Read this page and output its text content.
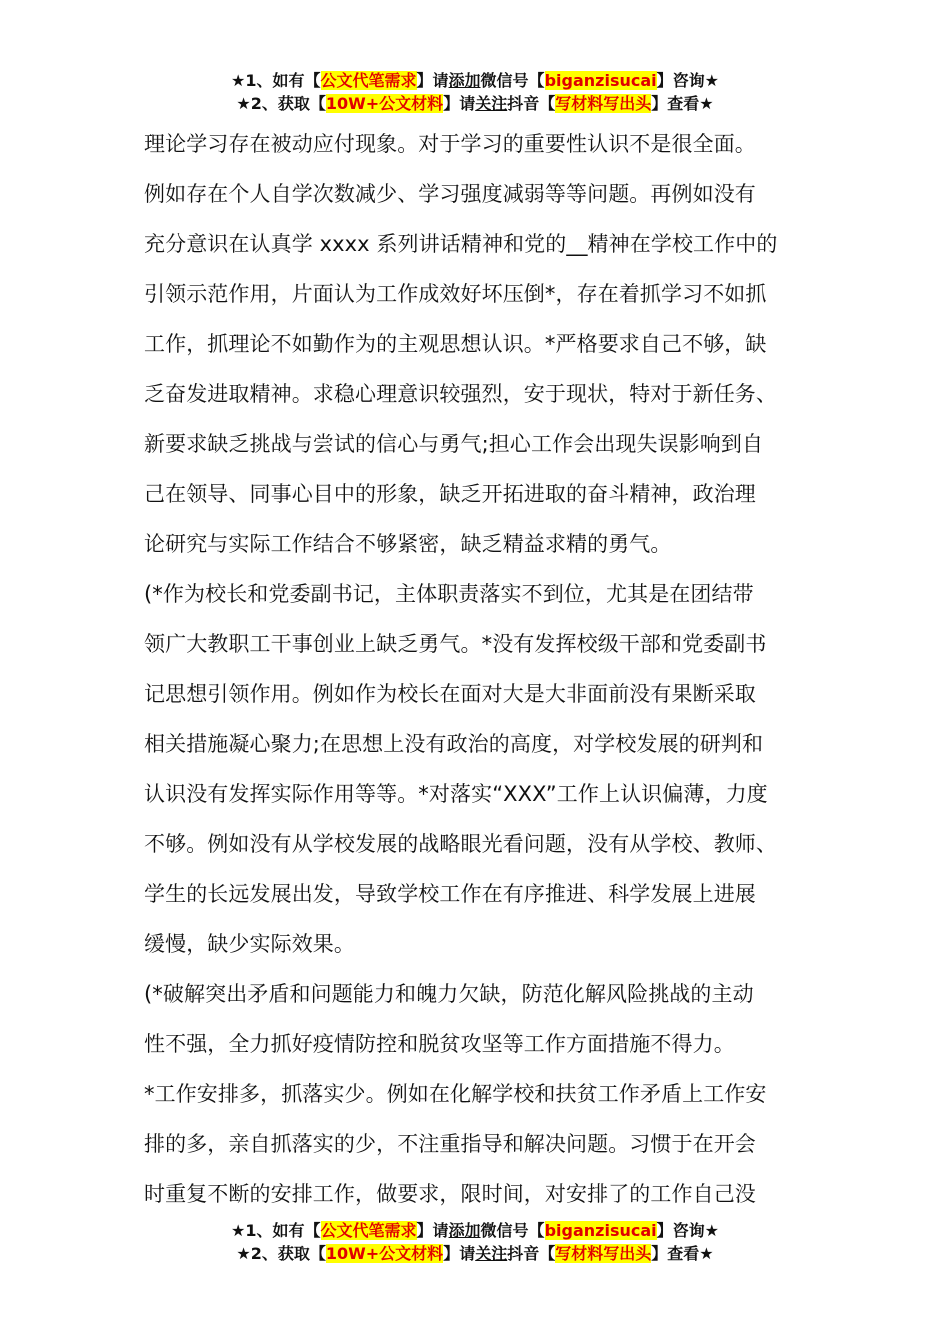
★1、如有【公文代笔需求】请添加微信号【biganzisucai】咨询★
★2、获取【10W+公文材料】请关注抖音【写材料写出头】查看★
理论学习存在被动应付现象。对于学习的重要性认识不是很全面。
例如存在个人自学次数减少、学习强度减弱等等问题。再例如没有
充分意识在认真学 xxxx 系列讲话精神和党的__精神在学校工作中的
引领示范作用，片面认为工作成效好坏压倒*，存在着抓学习不如抓
工作，抓理论不如勤作为的主观思想认识。*严格要求自己不够，缺
乏奋发进取精神。求稳心理意识较强烈，安于现状，特对于新任务、
新要求缺乏挑战与尝试的信心与勇气;担心工作会出现失误影响到自
己在领导、同事心目中的形象，缺乏开拓进取的奋斗精神，政治理
论研究与实际工作结合不够紧密，缺乏精益求精的勇气。
(*作为校长和党委副书记，主体职责落实不到位，尤其是在团结带
领广大教职工干事创业上缺乏勇气。*没有发挥校级干部和党委副书
记思想引领作用。例如作为校长在面对大是大非面前没有果断采取
相关措施凝心聚力;在思想上没有政治的高度，对学校发展的研判和
认识没有发挥实际作用等等。*对落实“XXX”工作上认识偏薄，力度
不够。例如没有从学校发展的战略眼光看问题，没有从学校、教师、
学生的长远发展出发，导致学校工作在有序推进、科学发展上进展
缓慢，缺少实际效果。
(*破解突出矛盾和问题能力和魄力欠缺，防范化解风险挑战的主动
性不强，全力抓好疫情防控和脱贫攻坚等工作方面措施不得力。
*工作安排多，抓落实少。例如在化解学校和扶贫工作矛盾上工作安
排的多，亲自抓落实的少，不注重指导和解决问题。习惯于在开会
时重复不断的安排工作，做要求，限时间，对安排了的工作自己没
★1、如有【公文代笔需求】请添加微信号【biganzisucai】咨询★
★2、获取【10W+公文材料】请关注抖音【写材料写出头】查看★
